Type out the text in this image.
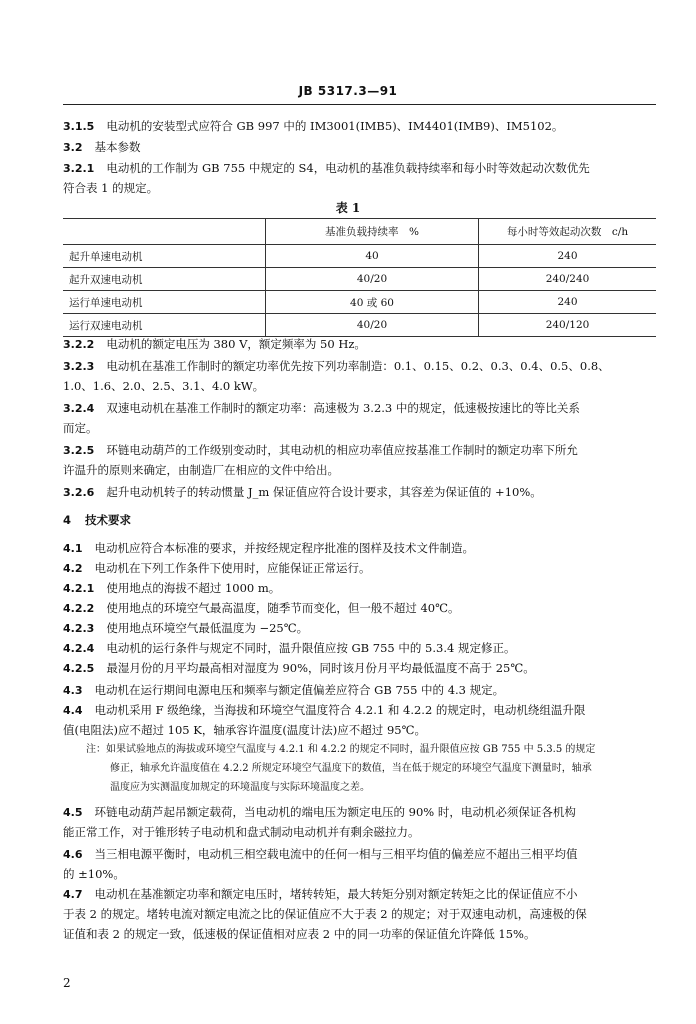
JB 5317.3—91
3.1.5 电动机的安装型式应符合 GB 997 中的 IM3001(IMB5)、IM4401(IMB9)、IM5102。
3.2 基本参数
3.2.1 电动机的工作制为 GB 755 中规定的 S4，电动机的基准负载持续率和每小时等效起动次数优先
符合表 1 的规定。
表 1
	基准负载持续率　%	每小时等效起动次数　c/h
起升单速电动机	40	240
起升双速电动机	40/20	240/240
运行单速电动机	40 或 60	240
运行双速电动机	40/20	240/120
3.2.2 电动机的额定电压为 380 V，额定频率为 50 Hz。
3.2.3 电动机在基准工作制时的额定功率优先按下列功率制造：0.1、0.15、0.2、0.3、0.4、0.5、0.8、
1.0、1.6、2.0、2.5、3.1、4.0 kW。
3.2.4 双速电动机在基准工作制时的额定功率：高速极为 3.2.3 中的规定，低速极按速比的等比关系
而定。
3.2.5 环链电动葫芦的工作级别变动时，其电动机的相应功率值应按基准工作制时的额定功率下所允
许温升的原则来确定，由制造厂在相应的文件中给出。
3.2.6 起升电动机转子的转动惯量 J_m 保证值应符合设计要求，其容差为保证值的 +10%。
4 技术要求
4.1 电动机应符合本标准的要求，并按经规定程序批准的图样及技术文件制造。
4.2 电动机在下列工作条件下使用时，应能保证正常运行。
4.2.1 使用地点的海拔不超过 1000 m。
4.2.2 使用地点的环境空气最高温度，随季节而变化，但一般不超过 40℃。
4.2.3 使用地点环境空气最低温度为 −25℃。
4.2.4 电动机的运行条件与规定不同时，温升限值应按 GB 755 中的 5.3.4 规定修正。
4.2.5 最湿月份的月平均最高相对湿度为 90%，同时该月份月平均最低温度不高于 25℃。
4.3 电动机在运行期间电源电压和频率与额定值偏差应符合 GB 755 中的 4.3 规定。
4.4 电动机采用 F 级绝缘，当海拔和环境空气温度符合 4.2.1 和 4.2.2 的规定时，电动机绕组温升限
值(电阻法)应不超过 105 K，轴承容许温度(温度计法)应不超过 95℃。
注：如果试验地点的海拔或环境空气温度与 4.2.1 和 4.2.2 的规定不同时，温升限值应按 GB 755 中 5.3.5 的规定
修正，轴承允许温度值在 4.2.2 所规定环境空气温度下的数值，当在低于规定的环境空气温度下测量时，轴承
温度应为实测温度加规定的环境温度与实际环境温度之差。
4.5 环链电动葫芦起吊额定载荷，当电动机的端电压为额定电压的 90% 时，电动机必须保证各机构
能正常工作，对于锥形转子电动机和盘式制动电动机并有剩余磁拉力。
4.6 当三相电源平衡时，电动机三相空载电流中的任何一相与三相平均值的偏差应不超出三相平均值
的 ±10%。
4.7 电动机在基准额定功率和额定电压时，堵转转矩，最大转矩分别对额定转矩之比的保证值应不小
于表 2 的规定。堵转电流对额定电流之比的保证值应不大于表 2 的规定；对于双速电动机，高速极的保
证值和表 2 的规定一致，低速极的保证值相对应表 2 中的同一功率的保证值允许降低 15%。
2
